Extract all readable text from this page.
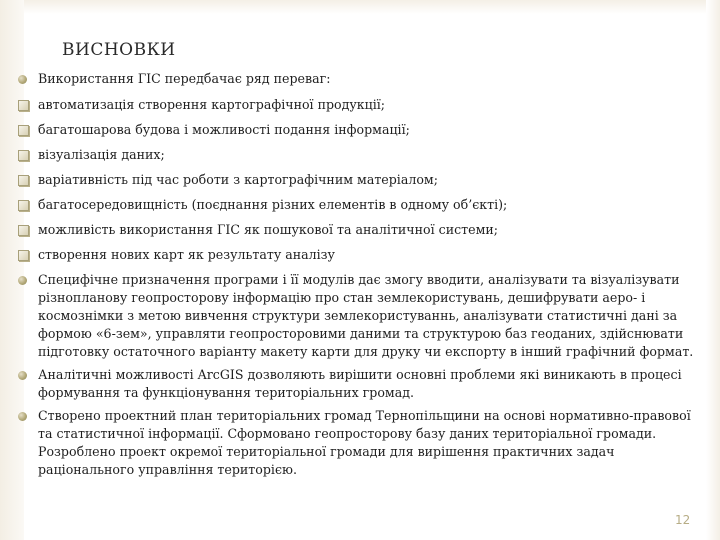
ВИСНОВКИ
Використання ГІС передбачає ряд переваг:
автоматизація створення картографічної продукції;
багатошарова будова і можливості подання інформації;
візуалізація даних;
варіативність під час роботи з картографічним матеріалом;
багатосередовищність (поєднання різних елементів в одному об’єкті);
можливість використання ГІС як пошукової та аналітичної системи;
створення нових карт як результату аналізу
Специфічне призначення програми і її модулів дає змогу вводити, аналізувати та візуалізувати різнопланову геопросторову інформацію про стан землекористувань, дешифрувати аеро- і космознімки з метою вивчення структури землекористуваннь, аналізувати статистичні дані за формою «6-зем», управляти геопросторовими даними та структурою баз геоданих, здійснювати підготовку остаточного варіанту макету карти для друку чи експорту в інший графічний формат.
Аналітичні можливості ArcGIS дозволяють вирішити основні проблеми які виникають в процесі формування та функціонування територіальних громад.
Створено проектний план територіальних громад Тернопільщини на основі нормативно-правової та статистичної інформації. Сформовано геопросторову базу даних територіальної громади. Розроблено проект окремої територіальної громади для вирішення практичних задач раціонального управління територією.
12
